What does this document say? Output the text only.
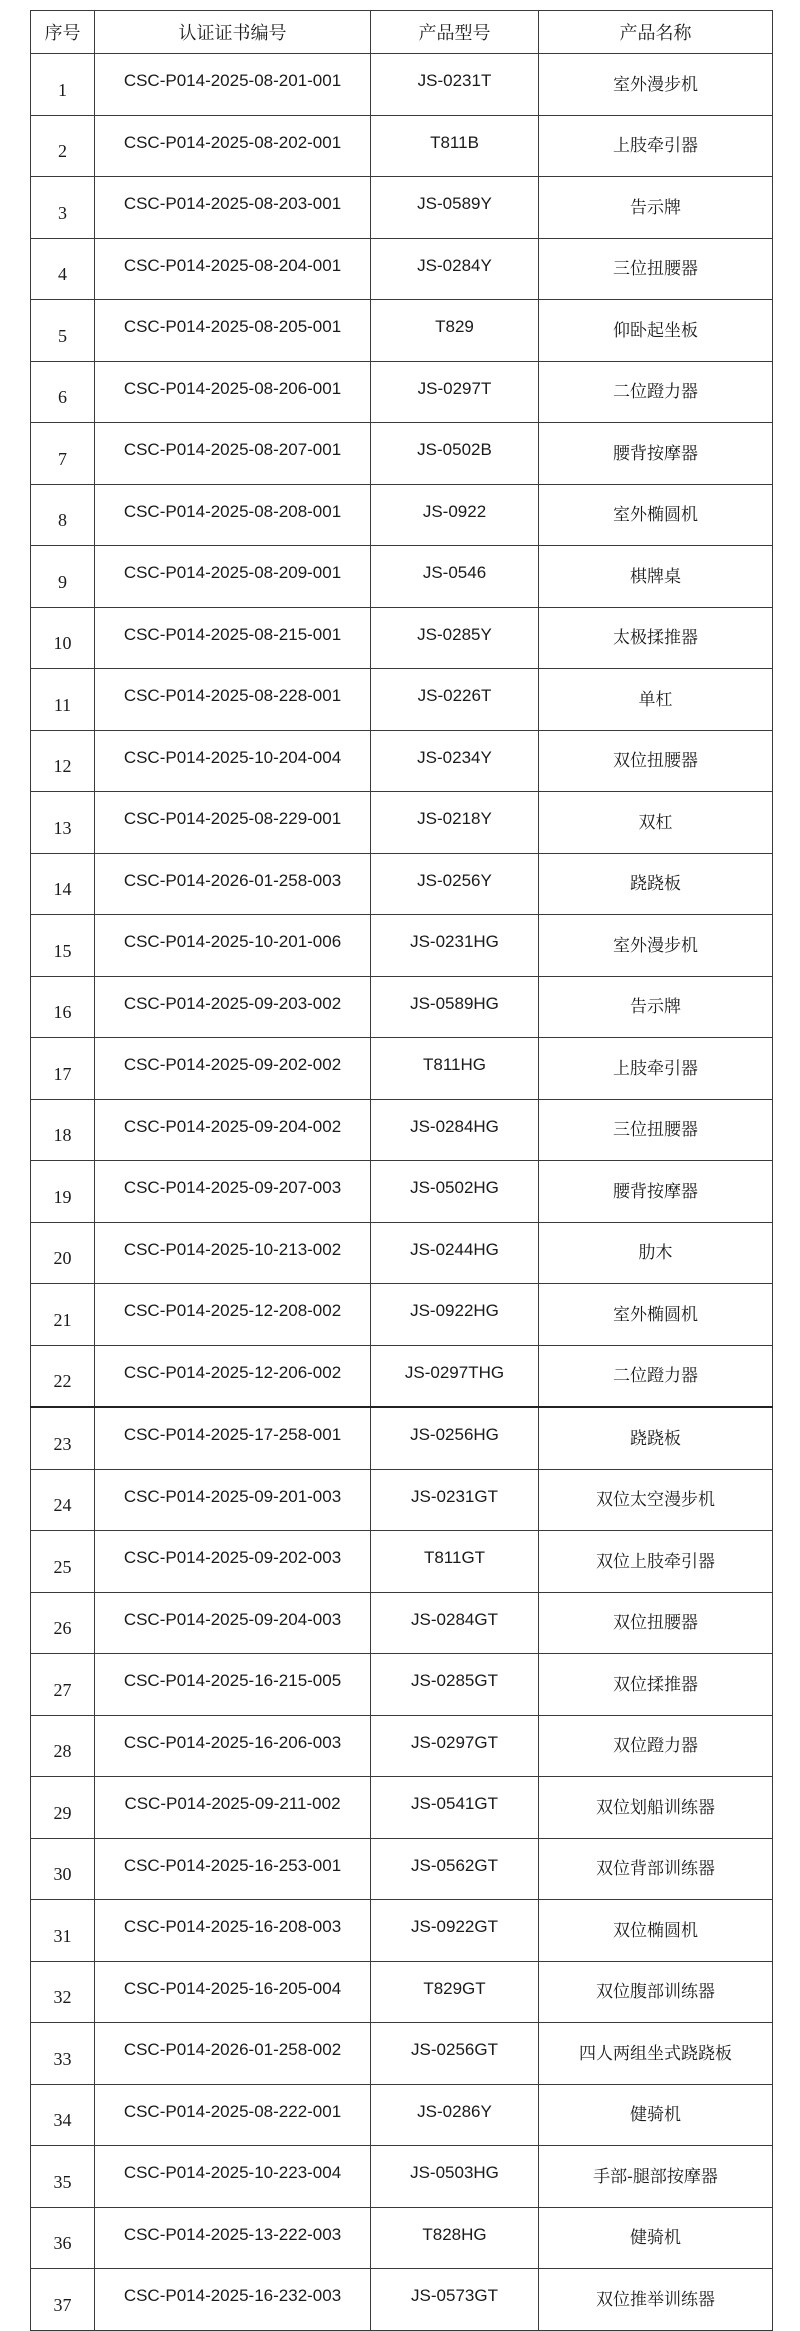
序号	认证证书编号	产品型号	产品名称
1	CSC-P014-2025-08-201-001	JS-0231T	室外漫步机
2	CSC-P014-2025-08-202-001	T811B	上肢牵引器
3	CSC-P014-2025-08-203-001	JS-0589Y	告示牌
4	CSC-P014-2025-08-204-001	JS-0284Y	三位扭腰器
5	CSC-P014-2025-08-205-001	T829	仰卧起坐板
6	CSC-P014-2025-08-206-001	JS-0297T	二位蹬力器
7	CSC-P014-2025-08-207-001	JS-0502B	腰背按摩器
8	CSC-P014-2025-08-208-001	JS-0922	室外椭圆机
9	CSC-P014-2025-08-209-001	JS-0546	棋牌桌
10	CSC-P014-2025-08-215-001	JS-0285Y	太极揉推器
11	CSC-P014-2025-08-228-001	JS-0226T	单杠
12	CSC-P014-2025-10-204-004	JS-0234Y	双位扭腰器
13	CSC-P014-2025-08-229-001	JS-0218Y	双杠
14	CSC-P014-2026-01-258-003	JS-0256Y	跷跷板
15	CSC-P014-2025-10-201-006	JS-0231HG	室外漫步机
16	CSC-P014-2025-09-203-002	JS-0589HG	告示牌
17	CSC-P014-2025-09-202-002	T811HG	上肢牵引器
18	CSC-P014-2025-09-204-002	JS-0284HG	三位扭腰器
19	CSC-P014-2025-09-207-003	JS-0502HG	腰背按摩器
20	CSC-P014-2025-10-213-002	JS-0244HG	肋木
21	CSC-P014-2025-12-208-002	JS-0922HG	室外椭圆机
22	CSC-P014-2025-12-206-002	JS-0297THG	二位蹬力器
23	CSC-P014-2025-17-258-001	JS-0256HG	跷跷板
24	CSC-P014-2025-09-201-003	JS-0231GT	双位太空漫步机
25	CSC-P014-2025-09-202-003	T811GT	双位上肢牵引器
26	CSC-P014-2025-09-204-003	JS-0284GT	双位扭腰器
27	CSC-P014-2025-16-215-005	JS-0285GT	双位揉推器
28	CSC-P014-2025-16-206-003	JS-0297GT	双位蹬力器
29	CSC-P014-2025-09-211-002	JS-0541GT	双位划船训练器
30	CSC-P014-2025-16-253-001	JS-0562GT	双位背部训练器
31	CSC-P014-2025-16-208-003	JS-0922GT	双位椭圆机
32	CSC-P014-2025-16-205-004	T829GT	双位腹部训练器
33	CSC-P014-2026-01-258-002	JS-0256GT	四人两组坐式跷跷板
34	CSC-P014-2025-08-222-001	JS-0286Y	健骑机
35	CSC-P014-2025-10-223-004	JS-0503HG	手部-腿部按摩器
36	CSC-P014-2025-13-222-003	T828HG	健骑机
37	CSC-P014-2025-16-232-003	JS-0573GT	双位推举训练器
